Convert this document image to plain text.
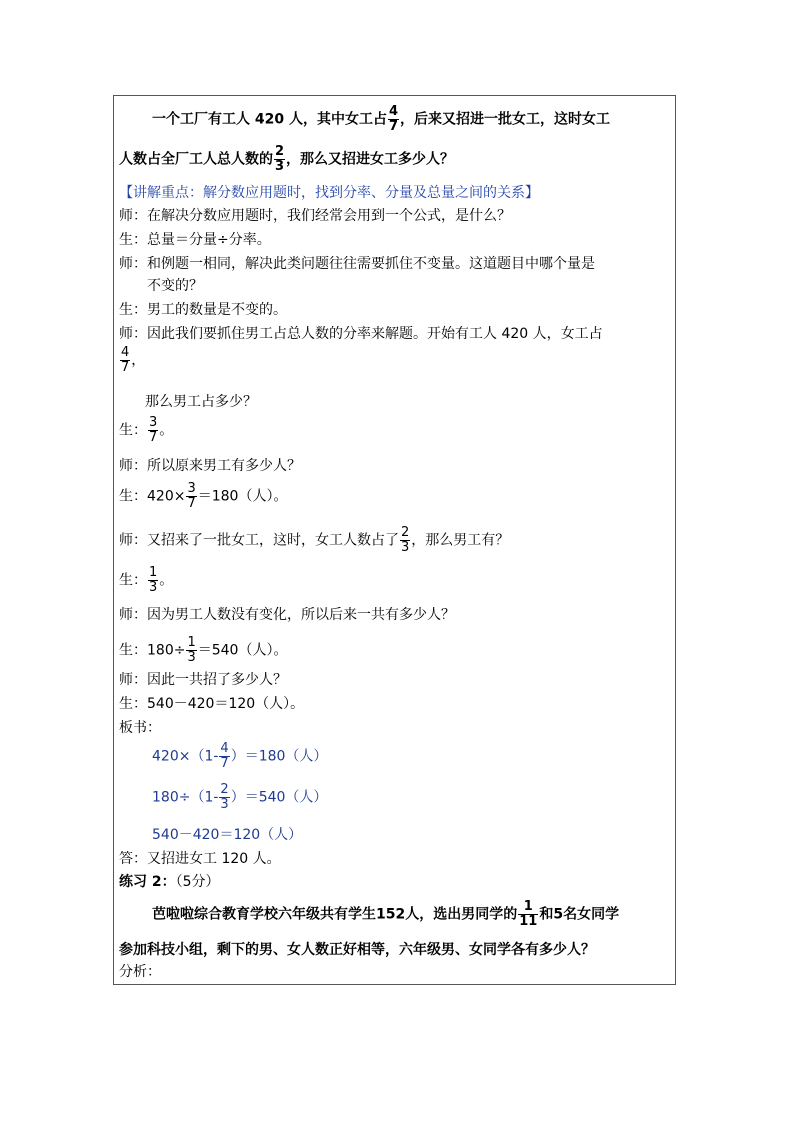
一个工厂有工人 420 人，其中女工占 $\frac{4}{7}$ ，后来又招进一批女工，这时女工
人数占全厂工人总人数的 $\frac{2}{3}$ ，那么又招进女工多少人？
【讲解重点：解分数应用题时，找到分率、分量及总量之间的关系】
师：在解决分数应用题时，我们经常会用到一个公式，是什么？
生：总量＝分量÷分率。
师：和例题一相同，解决此类问题往往需要抓住不变量。这道题目中哪个量是
不变的？
生：男工的数量是不变的。
师：因此我们要抓住男工占总人数的分率来解题。开始有工人 420 人，女工占
$\frac{4}{7}$ ，
那么男工占多少？
生： $\frac{3}{7}$ 。
师：所以原来男工有多少人？
生：$420\times \frac{3}{7} =180$（人）。
师：又招来了一批女工，这时，女工人数占了 $\frac{2}{3}$ ，那么男工有？
生： $\frac{1}{3}$ 。
师：因为男工人数没有变化，所以后来一共有多少人？
生：$180\div \frac{1}{3} =540$（人）。
师：因此一共招了多少人？
生：540－420＝120（人）。
板书：
$420\times(1- \frac{4}{7} )=180$（人）
$180\div(1- \frac{2}{3} )=540$（人）
540－420＝120（人）
答：又招进女工 120 人。
练习 2：（5分）
芭啦啦综合教育学校六年级共有学生152人，选出男同学的 $\frac{1}{11}$ 和5名女同学
参加科技小组，剩下的男、女人数正好相等，六年级男、女同学各有多少人？
分析：
